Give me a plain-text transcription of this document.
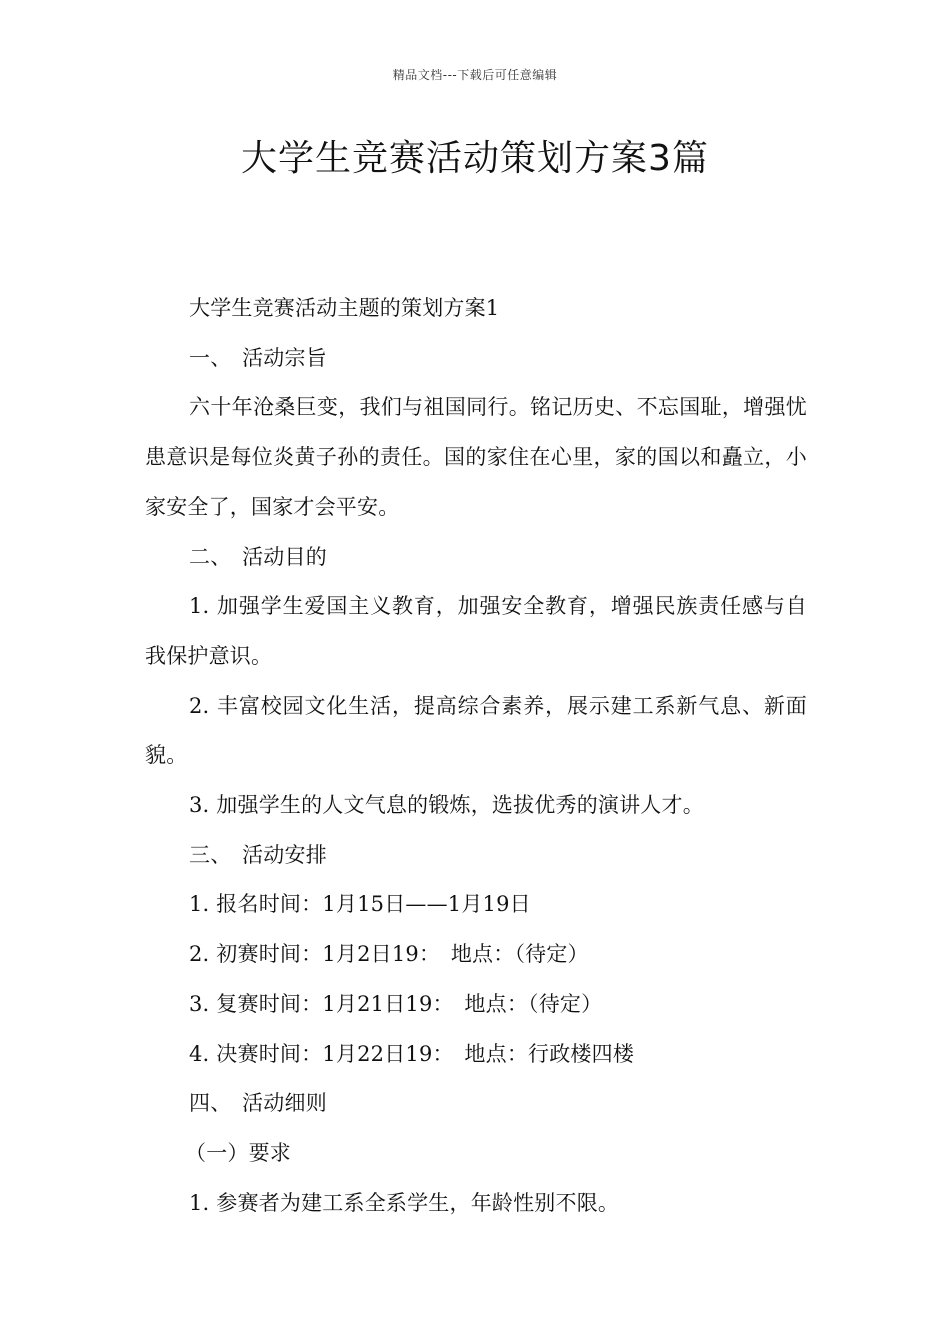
精品文档---下载后可任意编辑
大学生竞赛活动策划方案3篇

大学生竞赛活动主题的策划方案1

一、　活动宗旨

六十年沧桑巨变，我们与祖国同行。铭记历史、不忘国耻，增强忧患意识是每位炎黄子孙的责任。国的家住在心里，家的国以和矗立，小家安全了，国家才会平安。

二、　活动目的

1. 加强学生爱国主义教育，加强安全教育，增强民族责任感与自我保护意识。

2. 丰富校园文化生活，提高综合素养，展示建工系新气息、新面貌。

3. 加强学生的人文气息的锻炼，选拔优秀的演讲人才。

三、　活动安排

1. 报名时间：1月15日——1月19日

2. 初赛时间：1月2日19：　地点：（待定）

3. 复赛时间：1月21日19：　地点：（待定）

4. 决赛时间：1月22日19：　地点：行政楼四楼

四、　活动细则

（一）要求

1. 参赛者为建工系全系学生，年龄性别不限。
